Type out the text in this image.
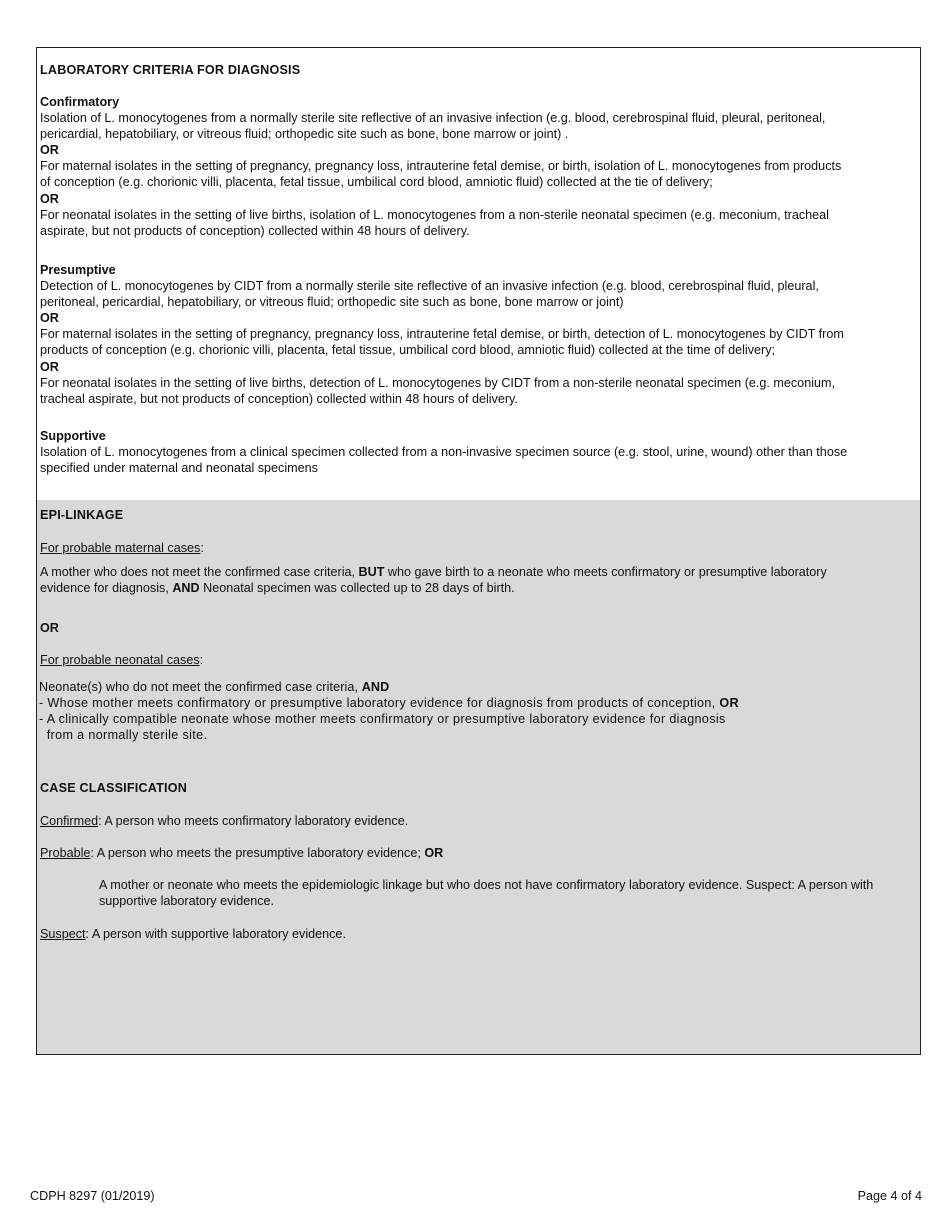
LABORATORY CRITERIA FOR DIAGNOSIS
Confirmatory
Isolation of L. monocytogenes from a normally sterile site reflective of an invasive infection (e.g. blood, cerebrospinal fluid, pleural, peritoneal,
pericardial, hepatobiliary, or vitreous fluid; orthopedic site such as bone, bone marrow or joint) .
OR
For maternal isolates in the setting of pregnancy, pregnancy loss, intrauterine fetal demise, or birth, isolation of L. monocytogenes from products
of conception (e.g. chorionic villi, placenta, fetal tissue, umbilical cord blood, amniotic fluid) collected at the tie of delivery;
OR
For neonatal isolates in the setting of live births, isolation of L. monocytogenes from a non-sterile neonatal specimen (e.g. meconium, tracheal
aspirate, but not products of conception) collected within 48 hours of delivery.
Presumptive
Detection of L. monocytogenes by CIDT from a normally sterile site reflective of an invasive infection (e.g. blood, cerebrospinal fluid, pleural,
peritoneal, pericardial, hepatobiliary, or vitreous fluid; orthopedic site such as bone, bone marrow or joint)
OR
For maternal isolates in the setting of pregnancy, pregnancy loss, intrauterine fetal demise, or birth, detection of L. monocytogenes by CIDT from
products of conception (e.g. chorionic villi, placenta, fetal tissue, umbilical cord blood, amniotic fluid) collected at the time of delivery;
OR
For neonatal isolates in the setting of live births, detection of L. monocytogenes by CIDT from a non-sterile neonatal specimen (e.g. meconium,
tracheal aspirate, but not products of conception) collected within 48 hours of delivery.
Supportive
Isolation of L. monocytogenes from a clinical specimen collected from a non-invasive specimen source (e.g. stool, urine, wound) other than those
specified under maternal and neonatal specimens
EPI-LINKAGE
For probable maternal cases:
A mother who does not meet the confirmed case criteria, BUT who gave birth to a neonate who meets confirmatory or presumptive laboratory
evidence for diagnosis, AND Neonatal specimen was collected up to 28 days of birth.
OR
For probable neonatal cases:
Neonate(s) who do not meet the confirmed case criteria, AND
- Whose mother meets confirmatory or presumptive laboratory evidence for diagnosis from products of conception, OR
- A clinically compatible neonate whose mother meets confirmatory or presumptive laboratory evidence for diagnosis
from a normally sterile site.
CASE CLASSIFICATION
Confirmed: A person who meets confirmatory laboratory evidence.
Probable: A person who meets the presumptive laboratory evidence; OR
A mother or neonate who meets the epidemiologic linkage but who does not have confirmatory laboratory evidence. Suspect: A person with
supportive laboratory evidence.
Suspect: A person with supportive laboratory evidence.
CDPH 8297 (01/2019)	Page 4 of 4
